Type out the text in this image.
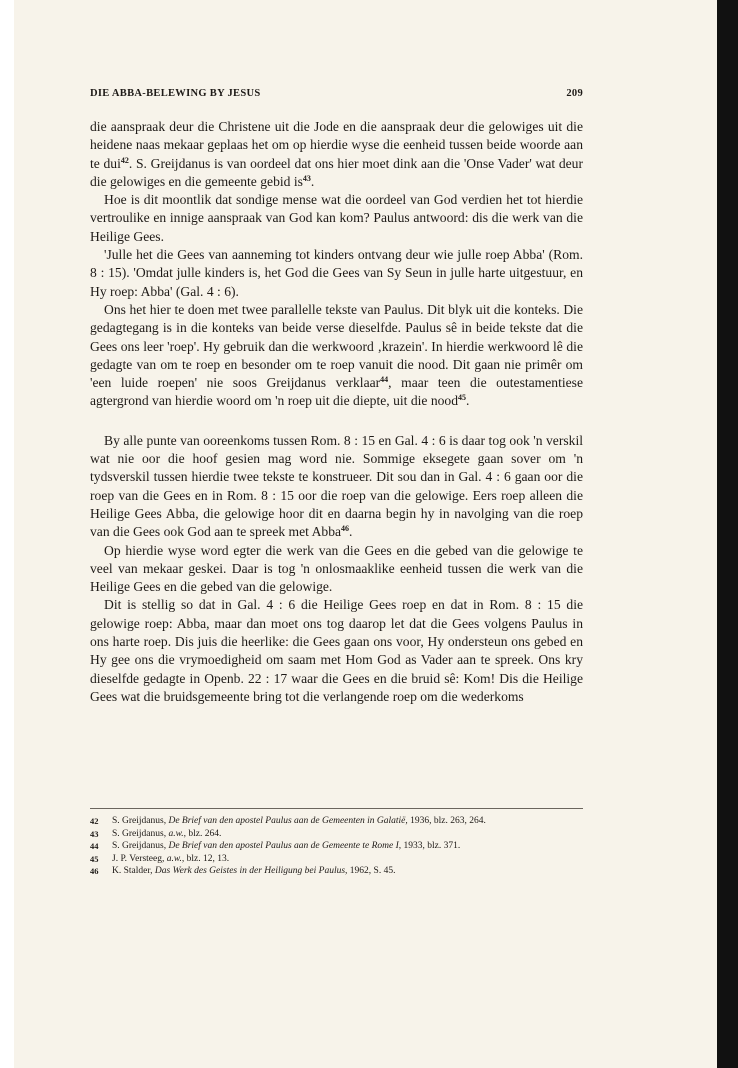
DIE ABBA-BELEWING BY JESUS	209

die aanspraak deur die Christene uit die Jode en die aanspraak deur die gelowiges uit die heidene naas mekaar geplaas het om op hierdie wyse die eenheid tussen beide woorde aan te dui$^{42}$. S. Greijdanus is van oordeel dat ons hier moet dink aan die 'Onse Vader' wat deur die gelowiges en die gemeente gebid $is^{43}$.

Hoe is dit moontlik dat sondige mense wat die oordeel van God verdien het tot hierdie vertroulike en innige aanspraak van God kan kom? Paulus antwoord: dis die werk van die Heilige Gees.

'Julle het die Gees van aanneming tot kinders ontvang deur wie julle roep Abba' (Rom. 8 : 15). 'Omdat julle kinders is, het God die Gees van Sy Seun in julle harte uitgestuur, en Hy roep: Abba' (Gal. 4 : 6).

Ons het hier te doen met twee parallelle tekste van Paulus. Dit blyk uit die konteks. Die gedagtegang is in die konteks van beide verse dieselfde. Paulus sê in beide tekste dat die Gees ons leer 'roep'. Hy gebruik dan die werkwoord ‚krazein'. In hierdie werkwoord lê die gedagte van om te roep en besonder om te roep vanuit die nood. Dit gaan nie primêr om 'een luide roepen' nie soos Greijdanus verklaar$^{44}$, maar teen die outestamentiese agtergrond van hierdie woord om 'n roep uit die diepte, uit die nood$^{45}$.

By alle punte van ooreenkoms tussen Rom. 8 : 15 en Gal. 4 : 6 is daar tog ook 'n verskil wat nie oor die hoof gesien mag word nie. Sommige eksegete gaan sover om 'n tydsverskil tussen hierdie twee tekste te konstrueer. Dit sou dan in Gal. 4 : 6 gaan oor die roep van die Gees en in Rom. 8 : 15 oor die roep van die gelowige. Eers roep alleen die Heilige Gees Abba, die gelowige hoor dit en daarna begin hy in navolging van die roep van die Gees ook God aan te spreek met Abba$^{46}$.

Op hierdie wyse word egter die werk van die Gees en die gebed van die gelowige te veel van mekaar geskei. Daar is tog 'n onlosmaaklike eenheid tussen die werk van die Heilige Gees en die gebed van die gelowige.

Dit is stellig so dat in Gal. 4 : 6 die Heilige Gees roep en dat in Rom. 8 : 15 die gelowige roep: Abba, maar dan moet ons tog daarop let dat die Gees volgens Paulus in ons harte roep. Dis juis die heerlike: die Gees gaan ons voor, Hy ondersteun ons gebed en Hy gee ons die vrymoedigheid om saam met Hom God as Vader aan te spreek. Ons kry dieselfde gedagte in Openb. 22 : 17 waar die Gees en die bruid sê: Kom! Dis die Heilige Gees wat die bruidsgemeente bring tot die verlangende roep om die wederkoms

42	S. Greijdanus, De Brief van den apostel Paulus aan de Gemeenten in Galatië, 1936, blz. 263, 264.
43	S. Greijdanus, a.w., blz. 264.
44	S. Greijdanus, De Brief van den apostel Paulus aan de Gemeente te Rome I, 1933, blz. 371.
45	J. P. Versteeg, a.w., blz. 12, 13.
46	K. Stalder, Das Werk des Geistes in der Heiligung bei Paulus, 1962, S. 45.
